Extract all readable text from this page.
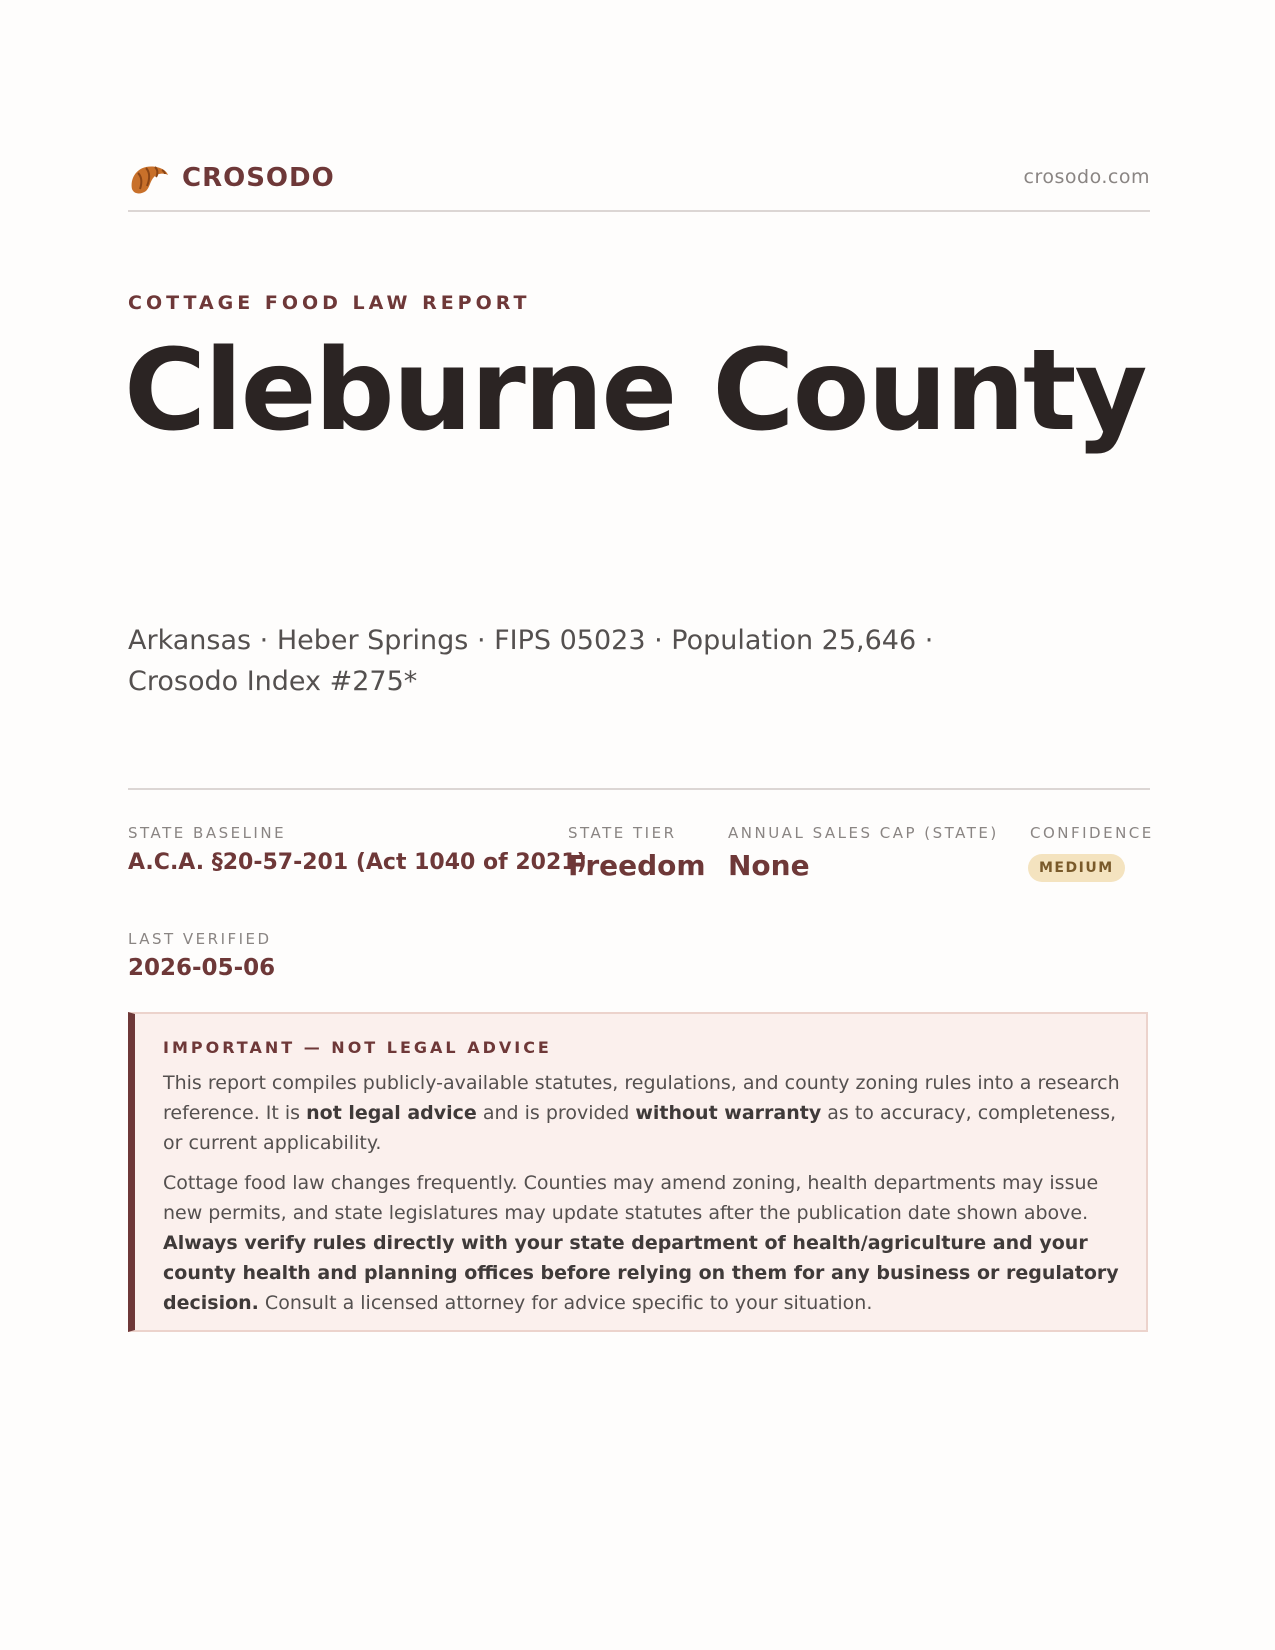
CROSODO	crosodo.com
COTTAGE FOOD LAW REPORT
Cleburne County
Arkansas · Heber Springs · FIPS 05023 · Population 25,646 ·
Crosodo Index #275*
STATE BASELINE
A.C.A. §20-57-201 (Act 1040 of 2021)
STATE TIER
Freedom
ANNUAL SALES CAP (STATE)
None
CONFIDENCE
MEDIUM
LAST VERIFIED
2026-05-06
IMPORTANT — NOT LEGAL ADVICE

This report compiles publicly-available statutes, regulations, and county zoning rules into a research reference. It is not legal advice and is provided without warranty as to accuracy, completeness, or current applicability.

Cottage food law changes frequently. Counties may amend zoning, health departments may issue new permits, and state legislatures may update statutes after the publication date shown above. Always verify rules directly with your state department of health/agriculture and your county health and planning offices before relying on them for any business or regulatory decision. Consult a licensed attorney for advice specific to your situation.
